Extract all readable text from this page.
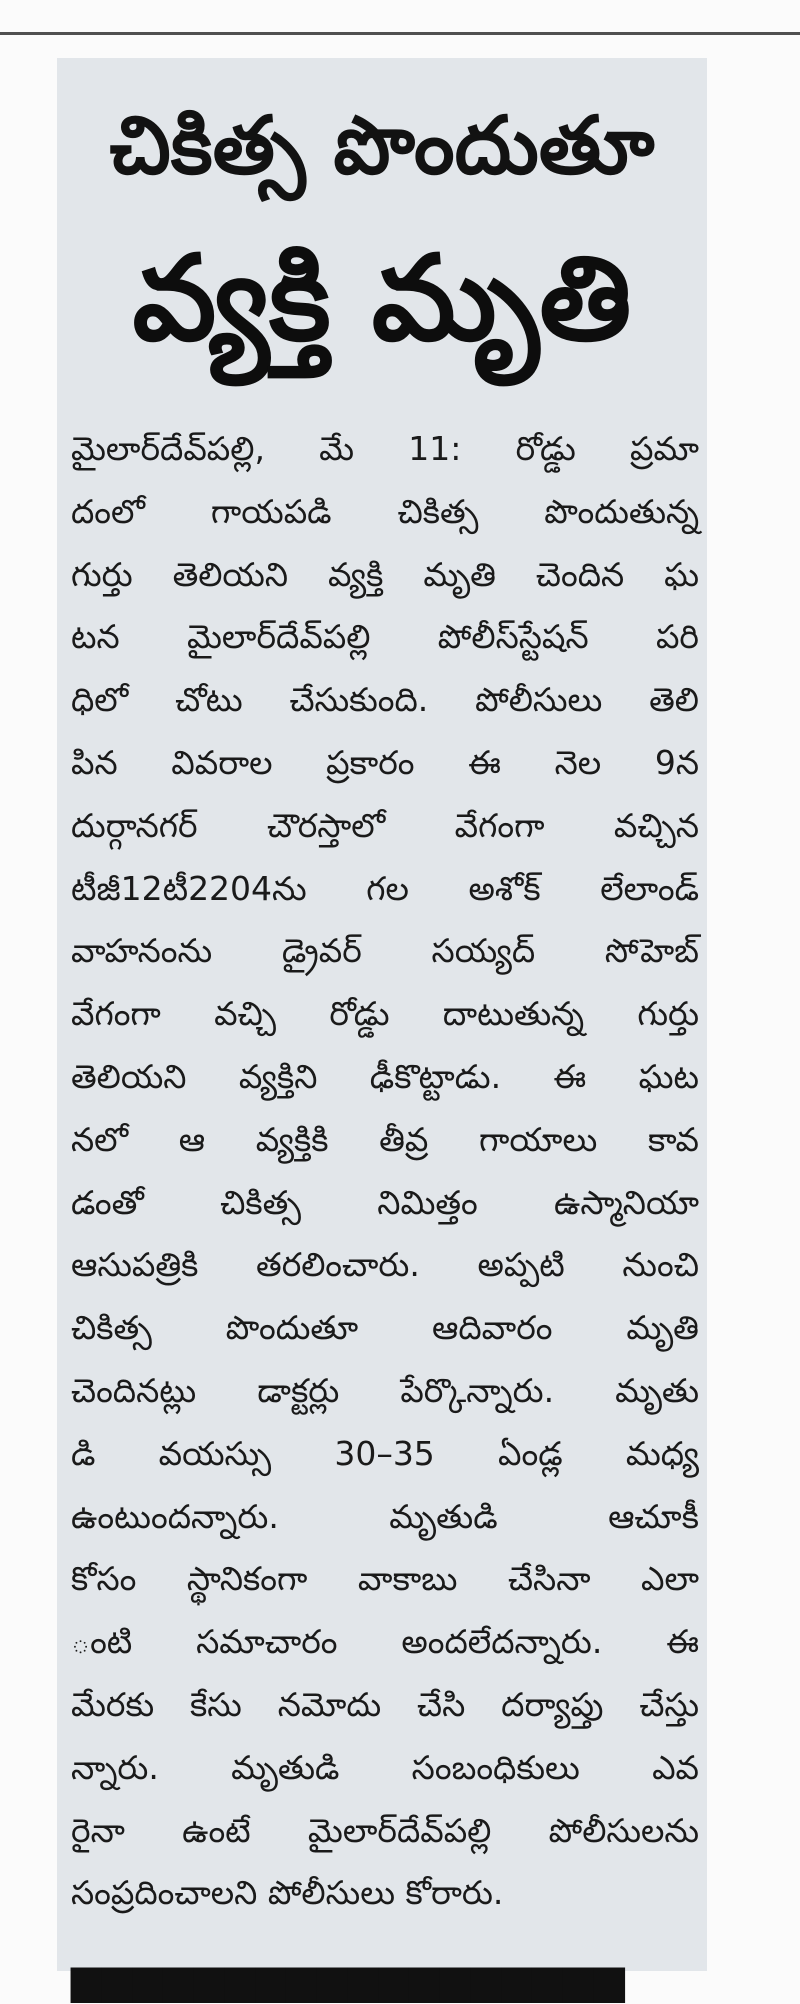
చికిత్స పొందుతూ
వ్యక్తి మృతి
మైలార్‌దేవ్‌పల్లి, మే 11: రోడ్డు ప్రమా
దంలో గాయపడి చికిత్స పొందుతున్న
గుర్తు తెలియని వ్యక్తి మృతి చెందిన ఘ
టన మైలార్‌దేవ్‌పల్లి పోలీస్‌స్టేషన్ పరి
ధిలో చోటు చేసుకుంది. పోలీసులు తెలి
పిన వివరాల ప్రకారం ఈ నెల 9న
దుర్గానగర్ చౌరస్తాలో వేగంగా వచ్చిన
టీజీ12టీ2204ను గల అశోక్ లేలాండ్
వాహనంను డ్రైవర్ సయ్యద్ సోహెబ్
వేగంగా వచ్చి రోడ్డు దాటుతున్న గుర్తు
తెలియని వ్యక్తిని ఢీకొట్టాడు. ఈ ఘట
నలో ఆ వ్యక్తికి తీవ్ర గాయాలు కావ
డంతో చికిత్స నిమిత్తం ఉస్మానియా
ఆసుపత్రికి తరలించారు. అప్పటి నుంచి
చికిత్స పొందుతూ ఆదివారం మృతి
చెందినట్లు డాక్టర్లు పేర్కొన్నారు. మృతు
డి వయస్సు 30–35 ఏండ్ల మధ్య
ఉంటుందన్నారు. మృతుడి ఆచూకీ
కోసం స్థానికంగా వాకాబు చేసినా ఎలా
ంటి సమాచారం అందలేదన్నారు. ఈ
మేరకు కేసు నమోదు చేసి దర్యాప్తు చేస్తు
న్నారు. మృతుడి సంబంధికులు ఎవ
రైనా ఉంటే మైలార్‌దేవ్‌పల్లి పోలీసులను
సంప్రదించాలని పోలీసులు కోరారు.
▆▆▆▆▆▆▆▆▆▆▆▆▆▆▆▆▆▆
